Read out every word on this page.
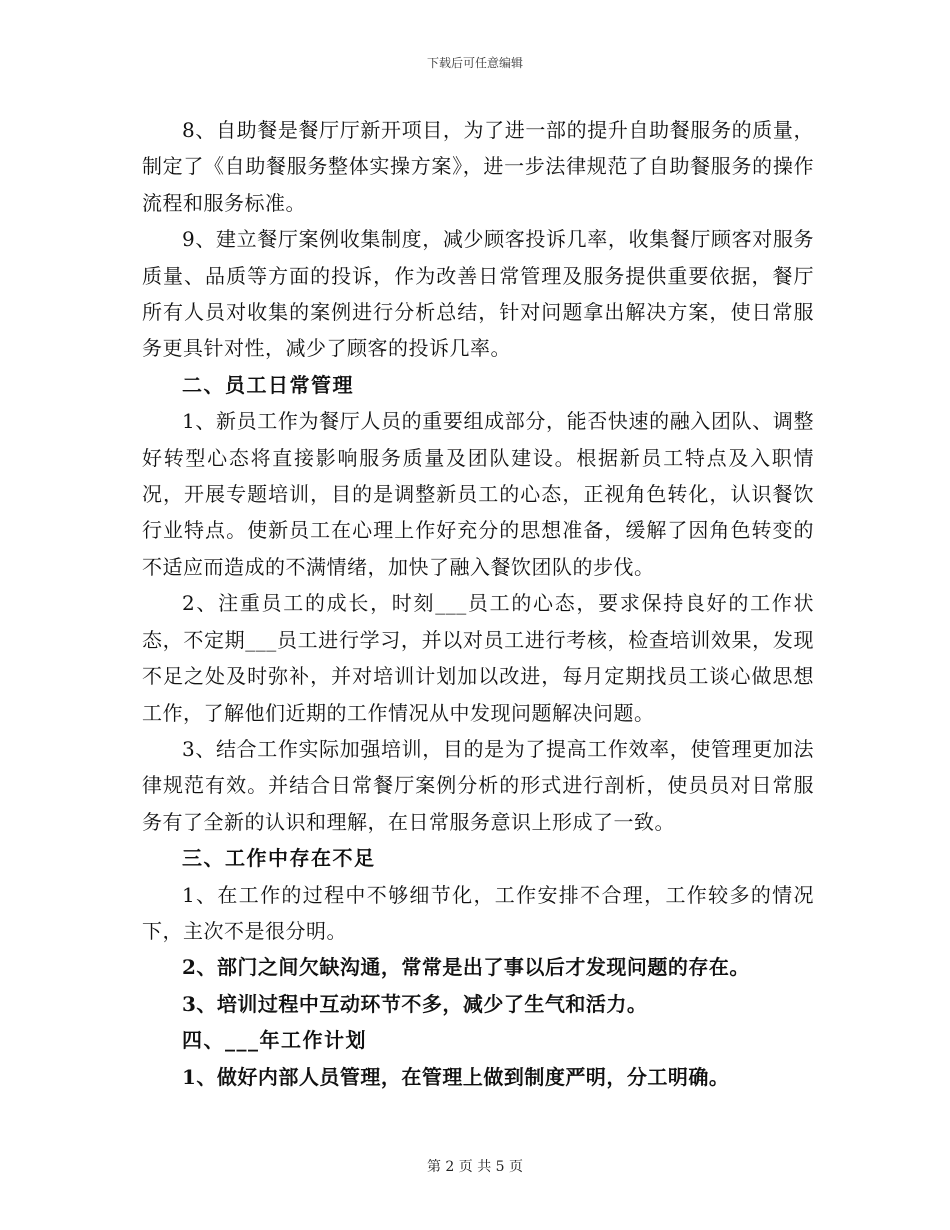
下载后可任意编辑

8、自助餐是餐厅厅新开项目，为了进一部的提升自助餐服务的质量，制定了《自助餐服务整体实操方案》，进一步法律规范了自助餐服务的操作流程和服务标准。

9、建立餐厅案例收集制度，减少顾客投诉几率，收集餐厅顾客对服务质量、品质等方面的投诉，作为改善日常管理及服务提供重要依据，餐厅所有人员对收集的案例进行分析总结，针对问题拿出解决方案，使日常服务更具针对性，减少了顾客的投诉几率。

二、员工日常管理

1、新员工作为餐厅人员的重要组成部分，能否快速的融入团队、调整好转型心态将直接影响服务质量及团队建设。根据新员工特点及入职情况，开展专题培训，目的是调整新员工的心态，正视角色转化，认识餐饮行业特点。使新员工在心理上作好充分的思想准备，缓解了因角色转变的不适应而造成的不满情绪，加快了融入餐饮团队的步伐。

2、注重员工的成长，时刻___员工的心态，要求保持良好的工作状态，不定期___员工进行学习，并以对员工进行考核，检查培训效果，发现不足之处及时弥补，并对培训计划加以改进，每月定期找员工谈心做思想工作，了解他们近期的工作情况从中发现问题解决问题。

3、结合工作实际加强培训，目的是为了提高工作效率，使管理更加法律规范有效。并结合日常餐厅案例分析的形式进行剖析，使员员对日常服务有了全新的认识和理解，在日常服务意识上形成了一致。

三、工作中存在不足

1、在工作的过程中不够细节化，工作安排不合理，工作较多的情况下，主次不是很分明。

2、部门之间欠缺沟通，常常是出了事以后才发现问题的存在。

3、培训过程中互动环节不多，减少了生气和活力。

四、___年工作计划

1、做好内部人员管理，在管理上做到制度严明，分工明确。

第 2 页 共 5 页
